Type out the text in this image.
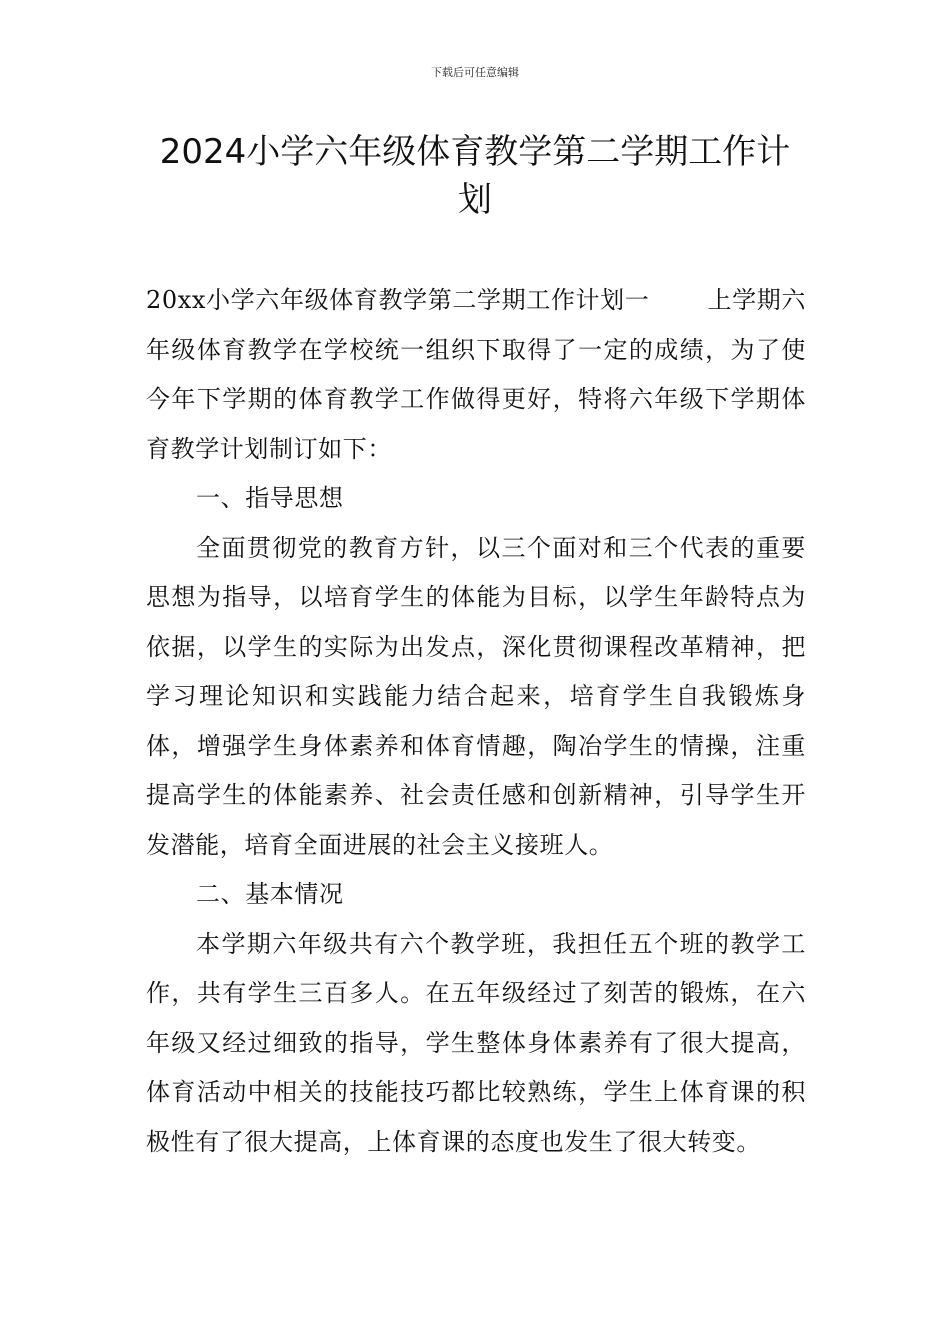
下载后可任意编辑
2024小学六年级体育教学第二学期工作计划

20xx小学六年级体育教学第二学期工作计划一 上学期六年级体育教学在学校统一组织下取得了一定的成绩，为了使今年下学期的体育教学工作做得更好，特将六年级下学期体育教学计划制订如下：

一、指导思想

全面贯彻党的教育方针，以三个面对和三个代表的重要思想为指导，以培育学生的体能为目标，以学生年龄特点为依据，以学生的实际为出发点，深化贯彻课程改革精神，把学习理论知识和实践能力结合起来，培育学生自我锻炼身体，增强学生身体素养和体育情趣，陶冶学生的情操，注重提高学生的体能素养、社会责任感和创新精神，引导学生开发潜能，培育全面进展的社会主义接班人。

二、基本情况

本学期六年级共有六个教学班，我担任五个班的教学工作，共有学生三百多人。在五年级经过了刻苦的锻炼，在六年级又经过细致的指导，学生整体身体素养有了很大提高，体育活动中相关的技能技巧都比较熟练，学生上体育课的积极性有了很大提高，上体育课的态度也发生了很大转变。
